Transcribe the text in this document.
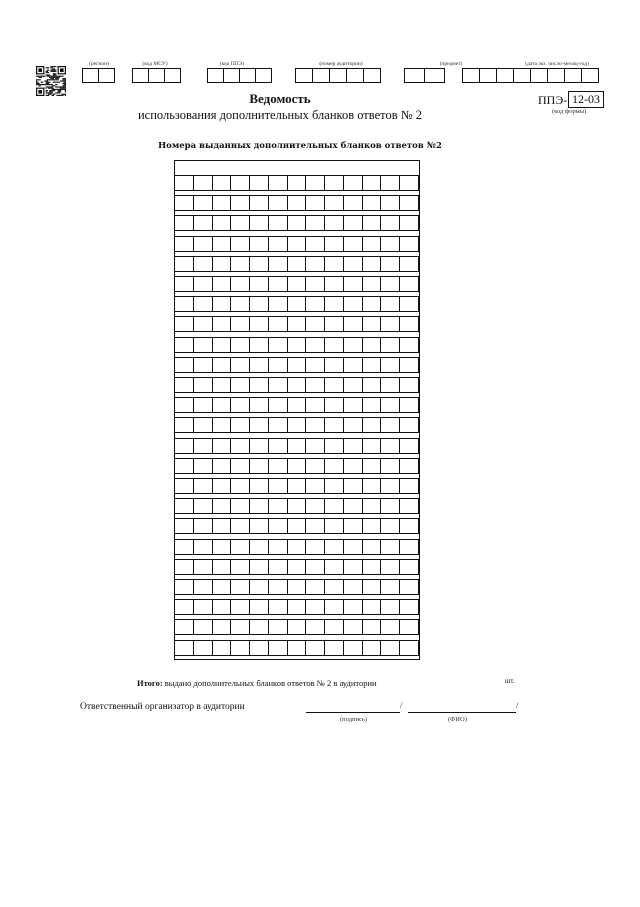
(регион)	(код МСУ)	(код ППЭ)	(номер аудитории)	(предмет)	(дата экз. число-месяц-год)
Ведомость
использования дополнительных бланков ответов № 2
ППЭ- 12-03
(код формы)
Номера выданных дополнительных бланков ответов №2
Итого: выдано дополнительных бланков ответов № 2 в аудитории	шт.
Ответственный организатор в аудитории	/	/
(подпись)	(ФИО)
